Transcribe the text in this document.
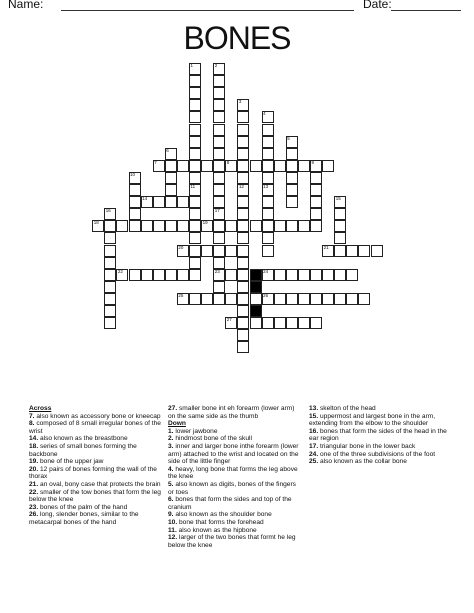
Name:	Date:
BONES
1
11
2
17
23
3
4
13
5
6
7	8	9
10
12
14	15
16
18	19
20	21
22	24
25	26
27
Across
7. also known as accessory bone or kneecap
8. composed of 8 small irregular bones of the wrist
14. also known as the breastbone
18. series of small bones forming the backbone
19. bone of the upper jaw
20. 12 pairs of bones forming the wall of the thorax
21. an oval, bony case that protects the brain
22. smaller of the tow bones that form the leg below the knee
23. bones of the palm of the hand
26. long, slender bones, similar to the metacarpal bones of the hand
27. smaller bone int eh forearm (lower arm) on the same side as the thumb
Down
1. lower jawbone
2. hindmost bone of the skull
3. inner and larger bone inthe forearm (lower arm) attached to the wrist and located on the side of the little finger
4. heavy, long bone that forms the leg above the knee
5. also known as digits, bones of the fingers or toes
6. bones that form the sides and top of the cranium
9. also known as the shoulder bone
10. bone that forms the forehead
11. also known as the hipbone
12. larger of the two bones that formt he leg below the knee
13. skelton of the head
15. uppermost and largest bone in the arm, extending from the elbow to the shoulder
16. bones that form the sides of the head in the ear region
17. triangular bone in the lower back
24. one of the three subdivisions of the foot
25. also known as the collar bone
